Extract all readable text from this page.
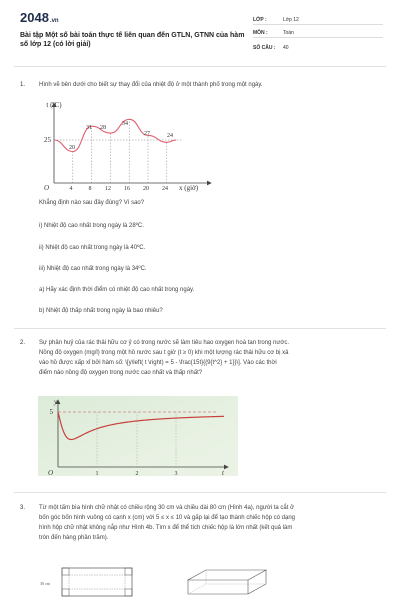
2048.vn
Bài tập Một số bài toán thực tế liên quan đến GTLN, GTNN của hàm số lớp 12 (có lời giải)
LỚP :	Lớp 12
MÔN :	Toán
SỐ CÂU : 40
1. Hình vẽ bên dưới cho biết sự thay đổi của nhiệt độ ở một thành phố trong một ngày.
t (ºC)
x (giờ)
O
25
4	8 12 16 20 24
20
31 28
34
27	24
Khẳng định nào sau đây đúng? Vì sao?
i) Nhiệt độ cao nhất trong ngày là 28ºC.
ii) Nhiệt độ cao nhất trong ngày là 40ºC.
iii) Nhiệt độ cao nhất trong ngày là 34ºC.
a) Hãy xác định thời điểm có nhiệt độ cao nhất trong ngày.
b) Nhiệt độ thấp nhất trong ngày là bao nhiêu?
2. Sự phân huỷ của rác thải hữu cơ ỷ có trong nước sẽ làm tiêu hao oxygen hoà tan trong nước.
Nồng độ oxygen (mg/l) trong một hồ nước sau t giờ (t ≥ 0) khi một lượng rác thải hữu cơ bị xả
vào hồ được xấp xỉ bởi hàm số: \[y\left( t \right) = 5 - \frac{15t}{{9{t^2} + 1}}\]. Vào các thời
điểm nào nồng độ oxygen trong nước cao nhất và thấp nhất?
y
t
O
5
1	2	3
3. Từ một tấm bìa hình chữ nhật có chiều rộng 30 cm và chiều dài 80 cm (Hình 4a), người ta cắt ở
bốn góc bốn hình vuông có cạnh x (cm) với 5 ≤ x ≤ 10 và gấp lại để tạo thành chiếc hộp có dạng
hình hộp chữ nhật không nắp như Hình 4b. Tìm x để thể tích chiếc hộp là lớn nhất (kết quả làm
tròn đến hàng phần trăm).
30 cm
